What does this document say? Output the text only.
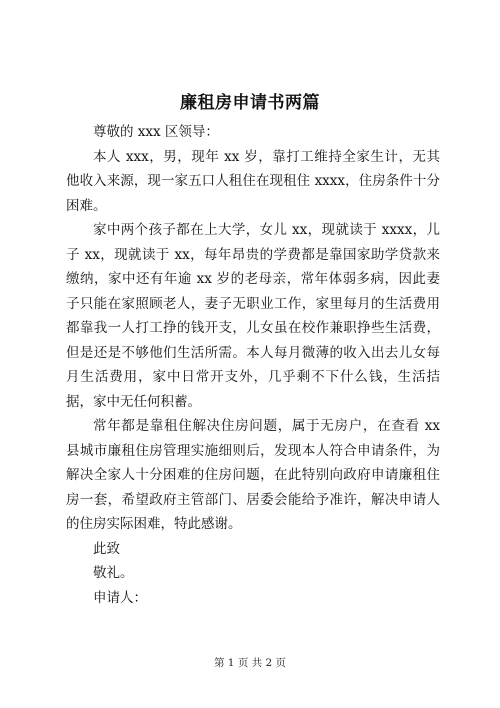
廉租房申请书两篇

尊敬的 xxx 区领导：

本人 xxx，男，现年 xx 岁，靠打工维持全家生计，无其他收入来源，现一家五口人租住在现租住 xxxx，住房条件十分困难。

家中两个孩子都在上大学，女儿 xx，现就读于 xxxx，儿子 xx，现就读于 xx，每年昂贵的学费都是靠国家助学贷款来缴纳，家中还有年逾 xx 岁的老母亲，常年体弱多病，因此妻子只能在家照顾老人，妻子无职业工作，家里每月的生活费用都靠我一人打工挣的钱开支，儿女虽在校作兼职挣些生活费，但是还是不够他们生活所需。本人每月微薄的收入出去儿女每月生活费用，家中日常开支外，几乎剩不下什么钱，生活拮据，家中无任何积蓄。

常年都是靠租住解决住房问题，属于无房户，在查看 xx 县城市廉租住房管理实施细则后，发现本人符合申请条件，为解决全家人十分困难的住房问题，在此特别向政府申请廉租住房一套，希望政府主管部门、居委会能给予准许，解决申请人的住房实际困难，特此感谢。

此致

敬礼。

申请人：

第 1 页 共 2 页
